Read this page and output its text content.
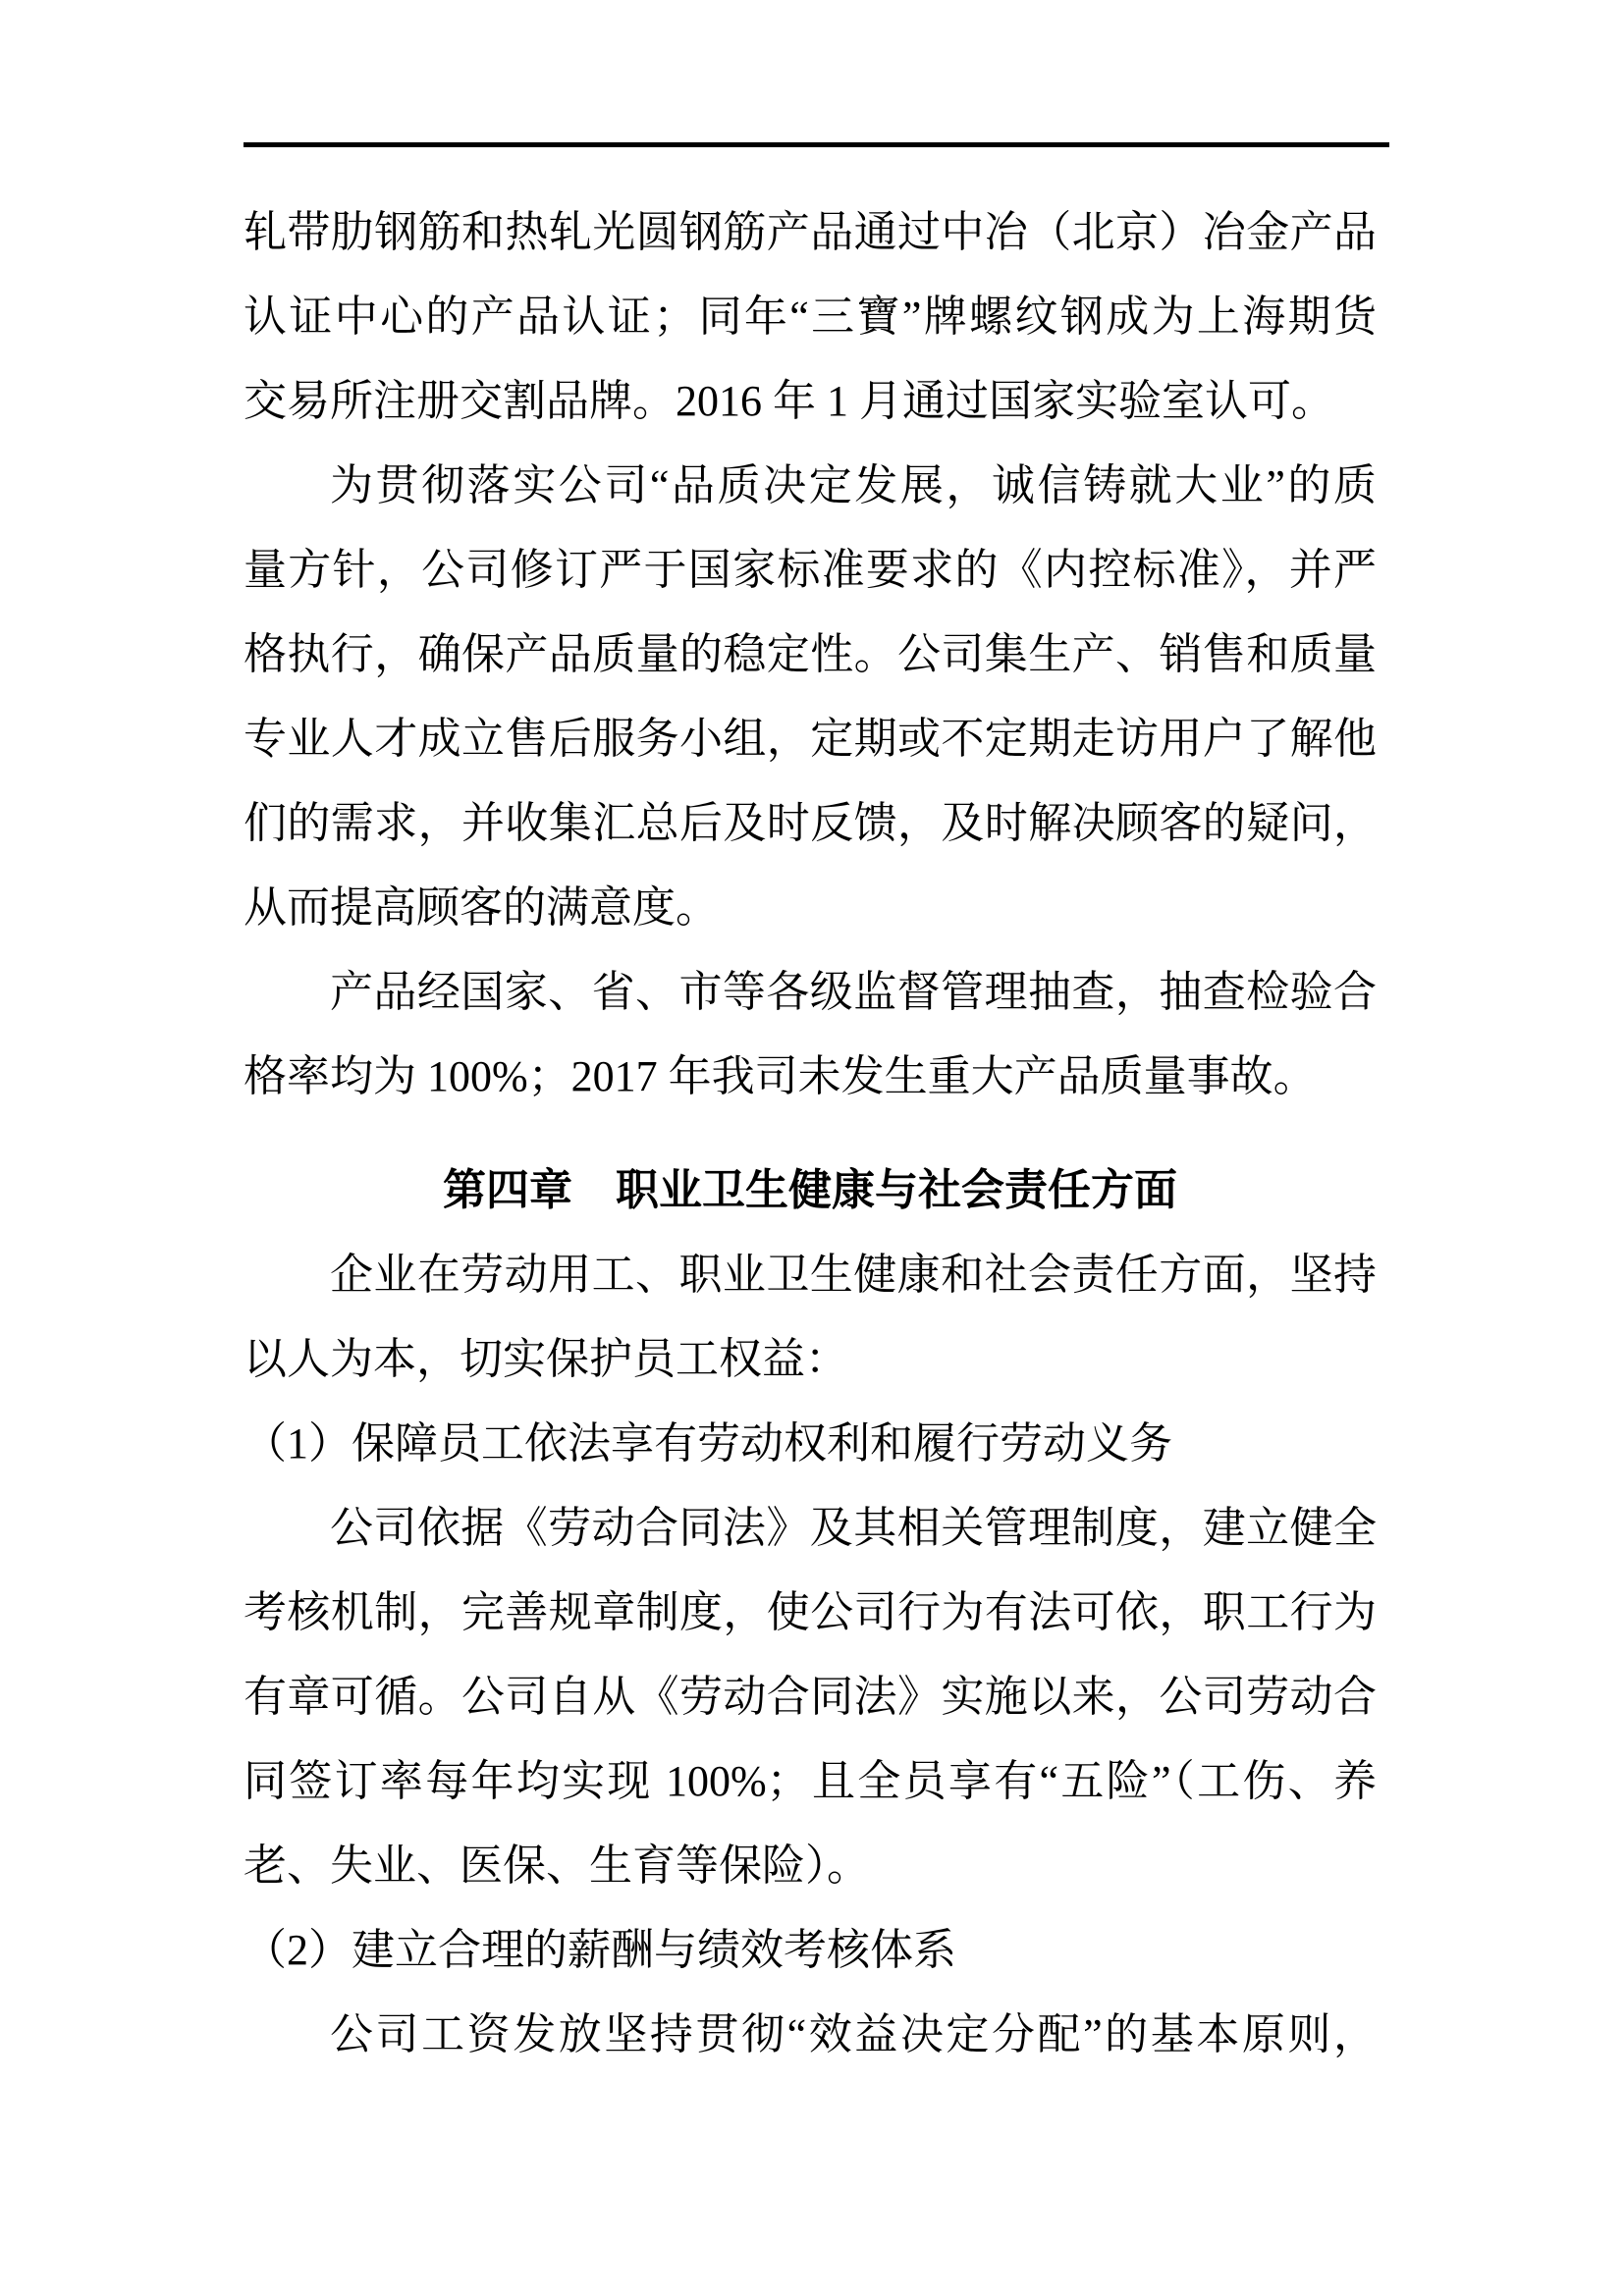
轧带肋钢筋和热轧光圆钢筋产品通过中冶（北京）冶金产品
认证中心的产品认证；同年“三寶”牌螺纹钢成为上海期货
交易所注册交割品牌。2016 年 1 月通过国家实验室认可。
为贯彻落实公司“品质决定发展，诚信铸就大业”的质
量方针，公司修订严于国家标准要求的《内控标准》，并严
格执行，确保产品质量的稳定性。公司集生产、销售和质量
专业人才成立售后服务小组，定期或不定期走访用户了解他
们的需求，并收集汇总后及时反馈，及时解决顾客的疑问，
从而提高顾客的满意度。
产品经国家、省、市等各级监督管理抽查，抽查检验合
格率均为 100%；2017 年我司未发生重大产品质量事故。
第四章　职业卫生健康与社会责任方面
企业在劳动用工、职业卫生健康和社会责任方面，坚持
以人为本，切实保护员工权益：
（1）保障员工依法享有劳动权利和履行劳动义务
公司依据《劳动合同法》及其相关管理制度，建立健全
考核机制，完善规章制度，使公司行为有法可依，职工行为
有章可循。公司自从《劳动合同法》实施以来，公司劳动合
同签订率每年均实现 100%；且全员享有“五险”（工伤、养
老、失业、医保、生育等保险）。
（2）建立合理的薪酬与绩效考核体系
公司工资发放坚持贯彻“效益决定分配”的基本原则，
